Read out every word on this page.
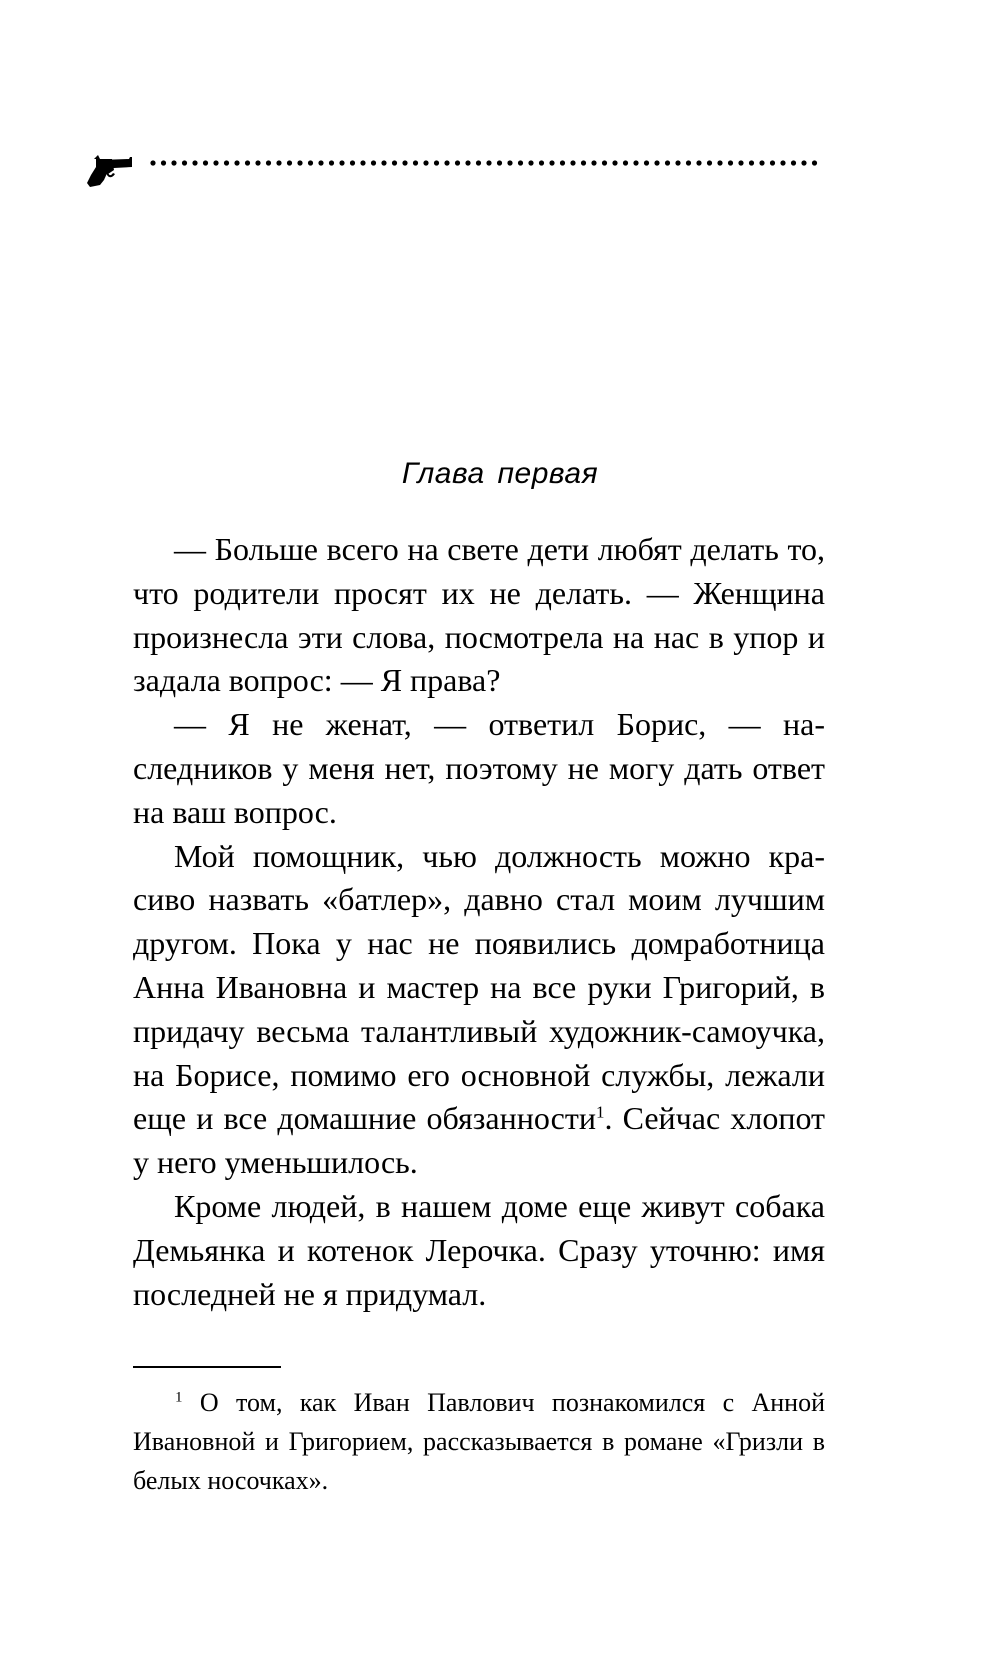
Глава первая

— Больше всего на свете дети любят делать то, что родители просят их не делать. — Женщина произнесла эти слова, посмотрела на нас в упор и задала вопрос: — Я права?

— Я не женат, — ответил Борис, — наследников у меня нет, поэтому не могу дать ответ на ваш вопрос.

Мой помощник, чью должность можно красиво назвать «батлер», давно стал моим лучшим другом. Пока у нас не появились домработница Анна Ивановна и мастер на все руки Григорий, в придачу весьма талантливый художник-самоучка, на Борисе, помимо его основной службы, лежали еще и все домашние обязанности$^1$. Сейчас хлопот у него уменьшилось.

Кроме людей, в нашем доме еще живут собака Демьянка и котенок Лерочка. Сразу уточню: имя последней не я придумал.

$^1$ О том, как Иван Павлович познакомился с Анной Ивановной и Григорием, рассказывается в романе «Гризли в белых носочках».
